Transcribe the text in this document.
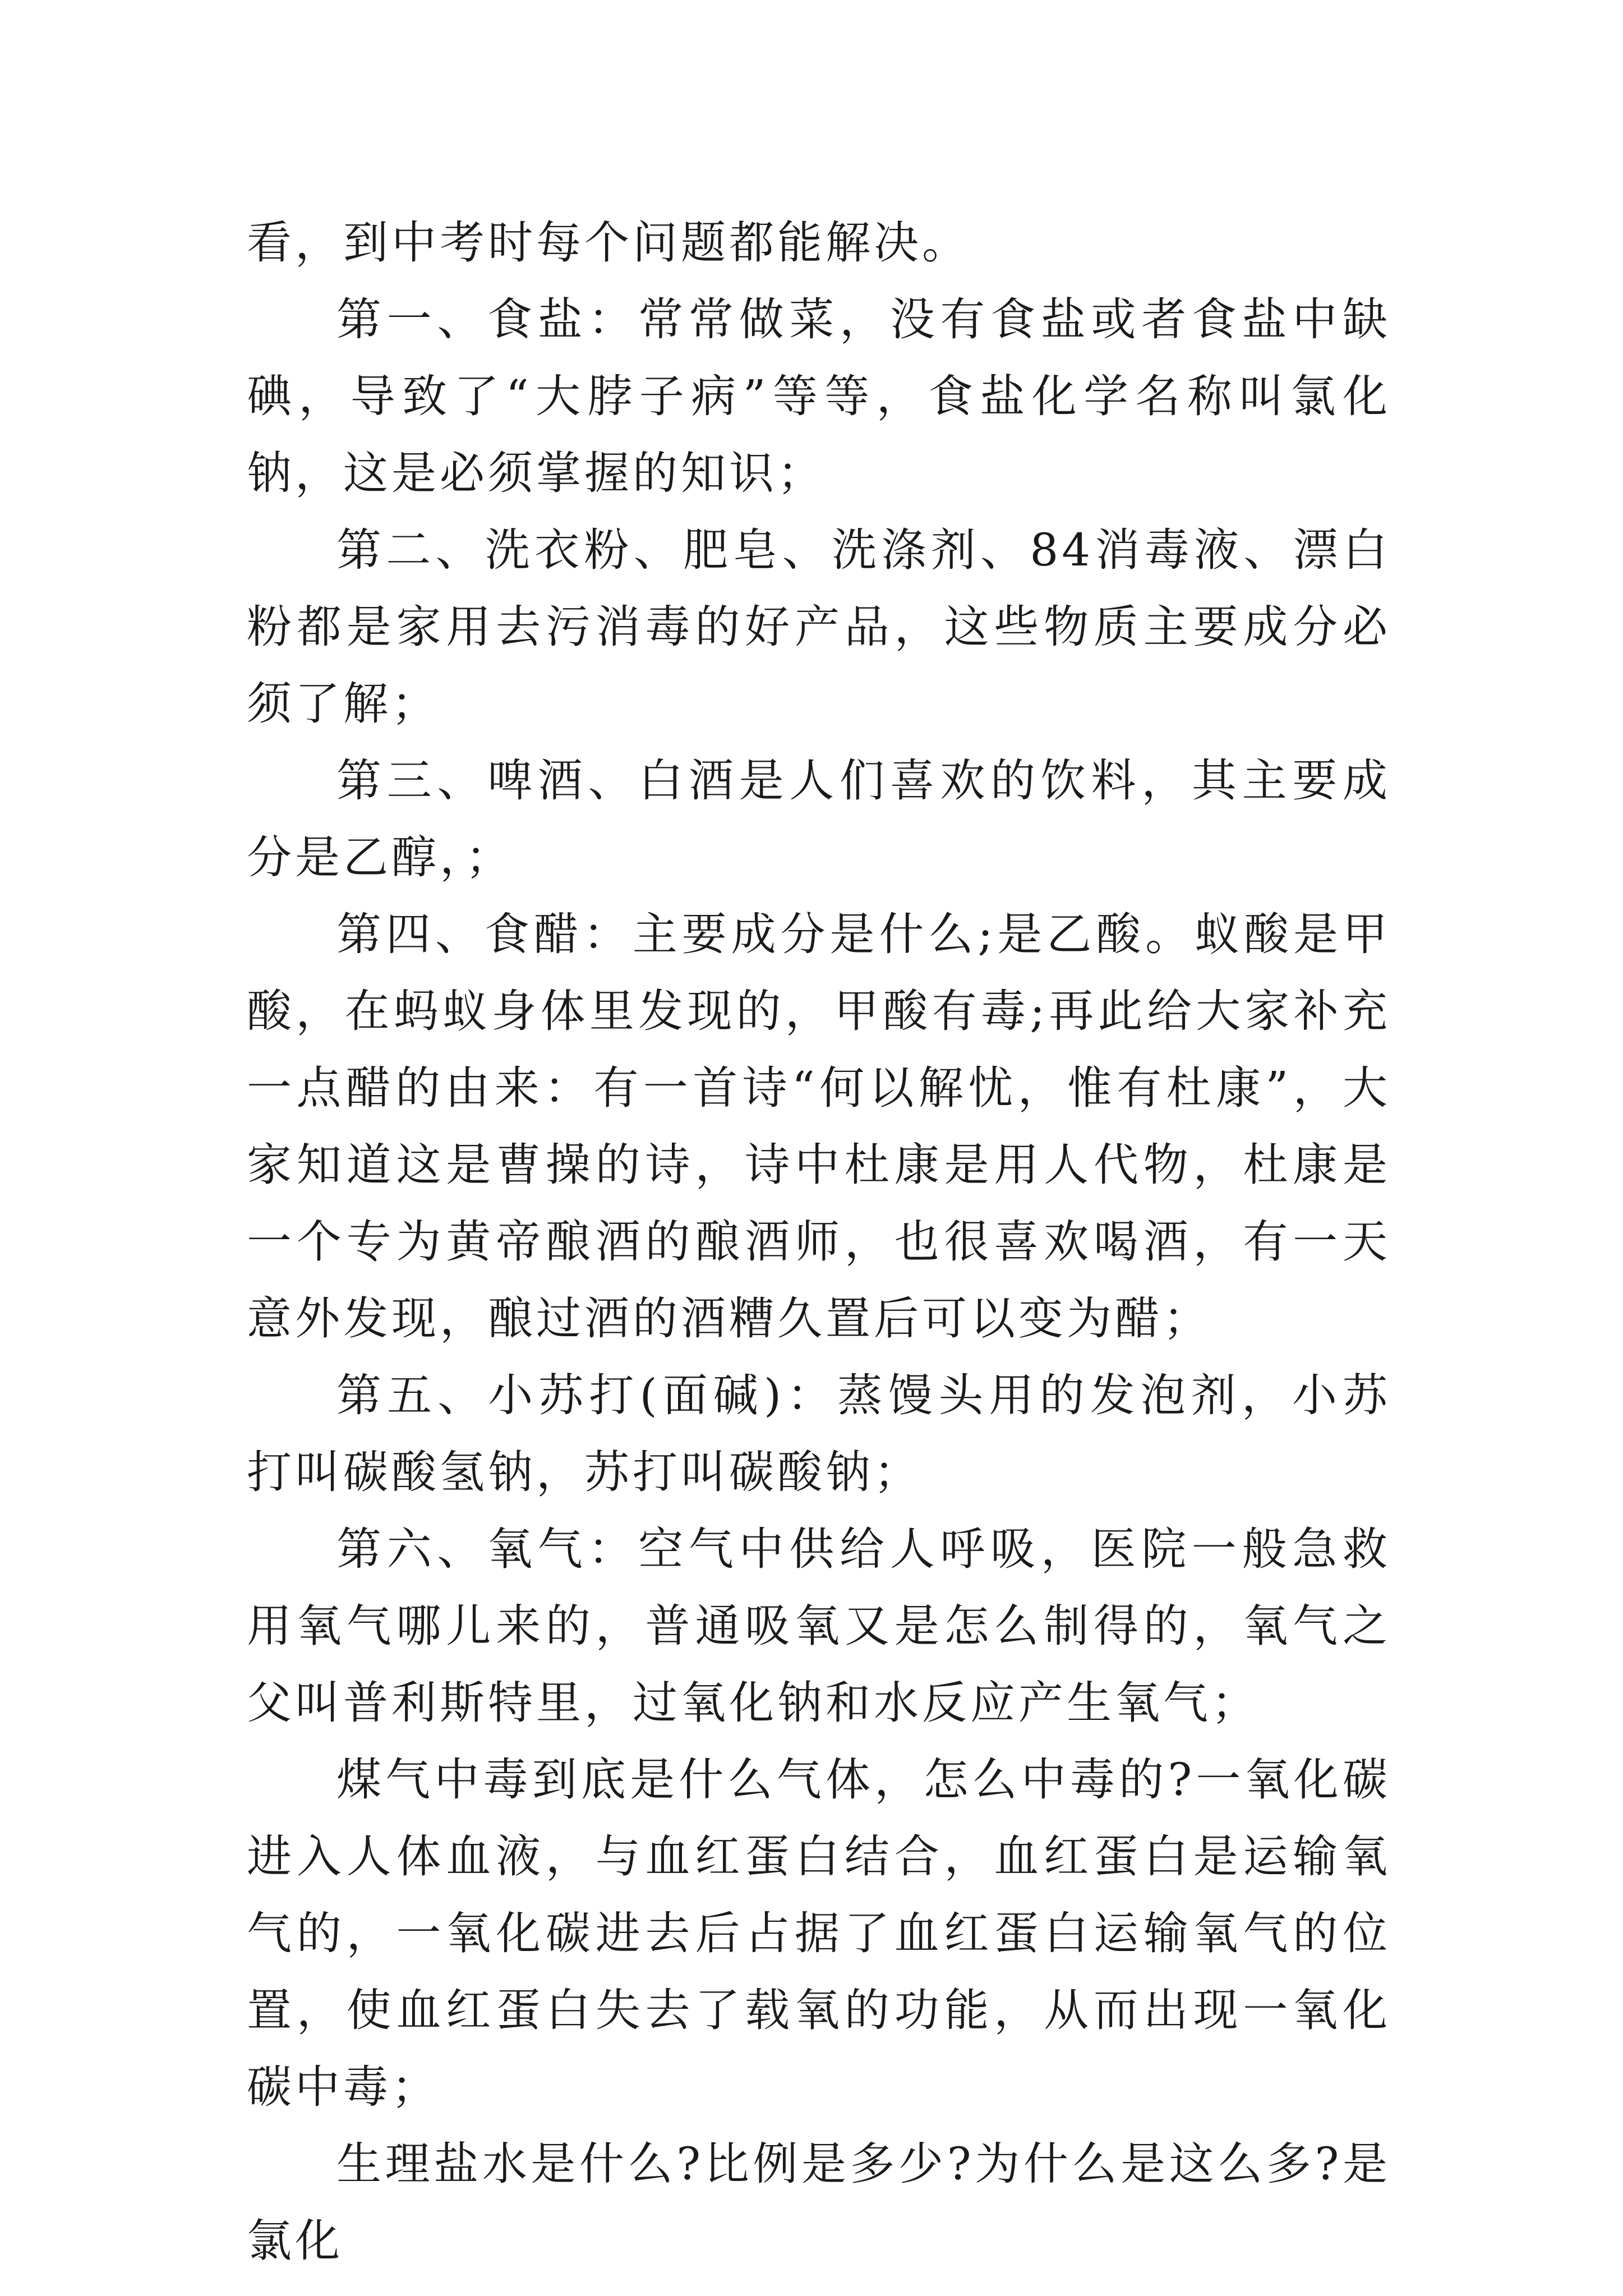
看，到中考时每个问题都能解决。

第一、食盐：常常做菜，没有食盐或者食盐中缺碘，导致了“大脖子病”等等，食盐化学名称叫氯化钠，这是必须掌握的知识；

第二、洗衣粉、肥皂、洗涤剂、84消毒液、漂白粉都是家用去污消毒的好产品，这些物质主要成分必须了解；

第三、啤酒、白酒是人们喜欢的饮料，其主要成分是乙醇，；

第四、食醋：主要成分是什么;是乙酸。蚁酸是甲酸，在蚂蚁身体里发现的，甲酸有毒;再此给大家补充一点醋的由来：有一首诗“何以解忧，惟有杜康”，大家知道这是曹操的诗，诗中杜康是用人代物，杜康是一个专为黄帝酿酒的酿酒师，也很喜欢喝酒，有一天意外发现，酿过酒的酒糟久置后可以变为醋；

第五、小苏打(面碱)：蒸馒头用的发泡剂，小苏打叫碳酸氢钠，苏打叫碳酸钠；

第六、氧气：空气中供给人呼吸，医院一般急救用氧气哪儿来的，普通吸氧又是怎么制得的，氧气之父叫普利斯特里，过氧化钠和水反应产生氧气；

煤气中毒到底是什么气体，怎么中毒的?一氧化碳进入人体血液，与血红蛋白结合，血红蛋白是运输氧气的，一氧化碳进去后占据了血红蛋白运输氧气的位置，使血红蛋白失去了载氧的功能，从而出现一氧化碳中毒；

生理盐水是什么?比例是多少?为什么是这么多?是氯化
